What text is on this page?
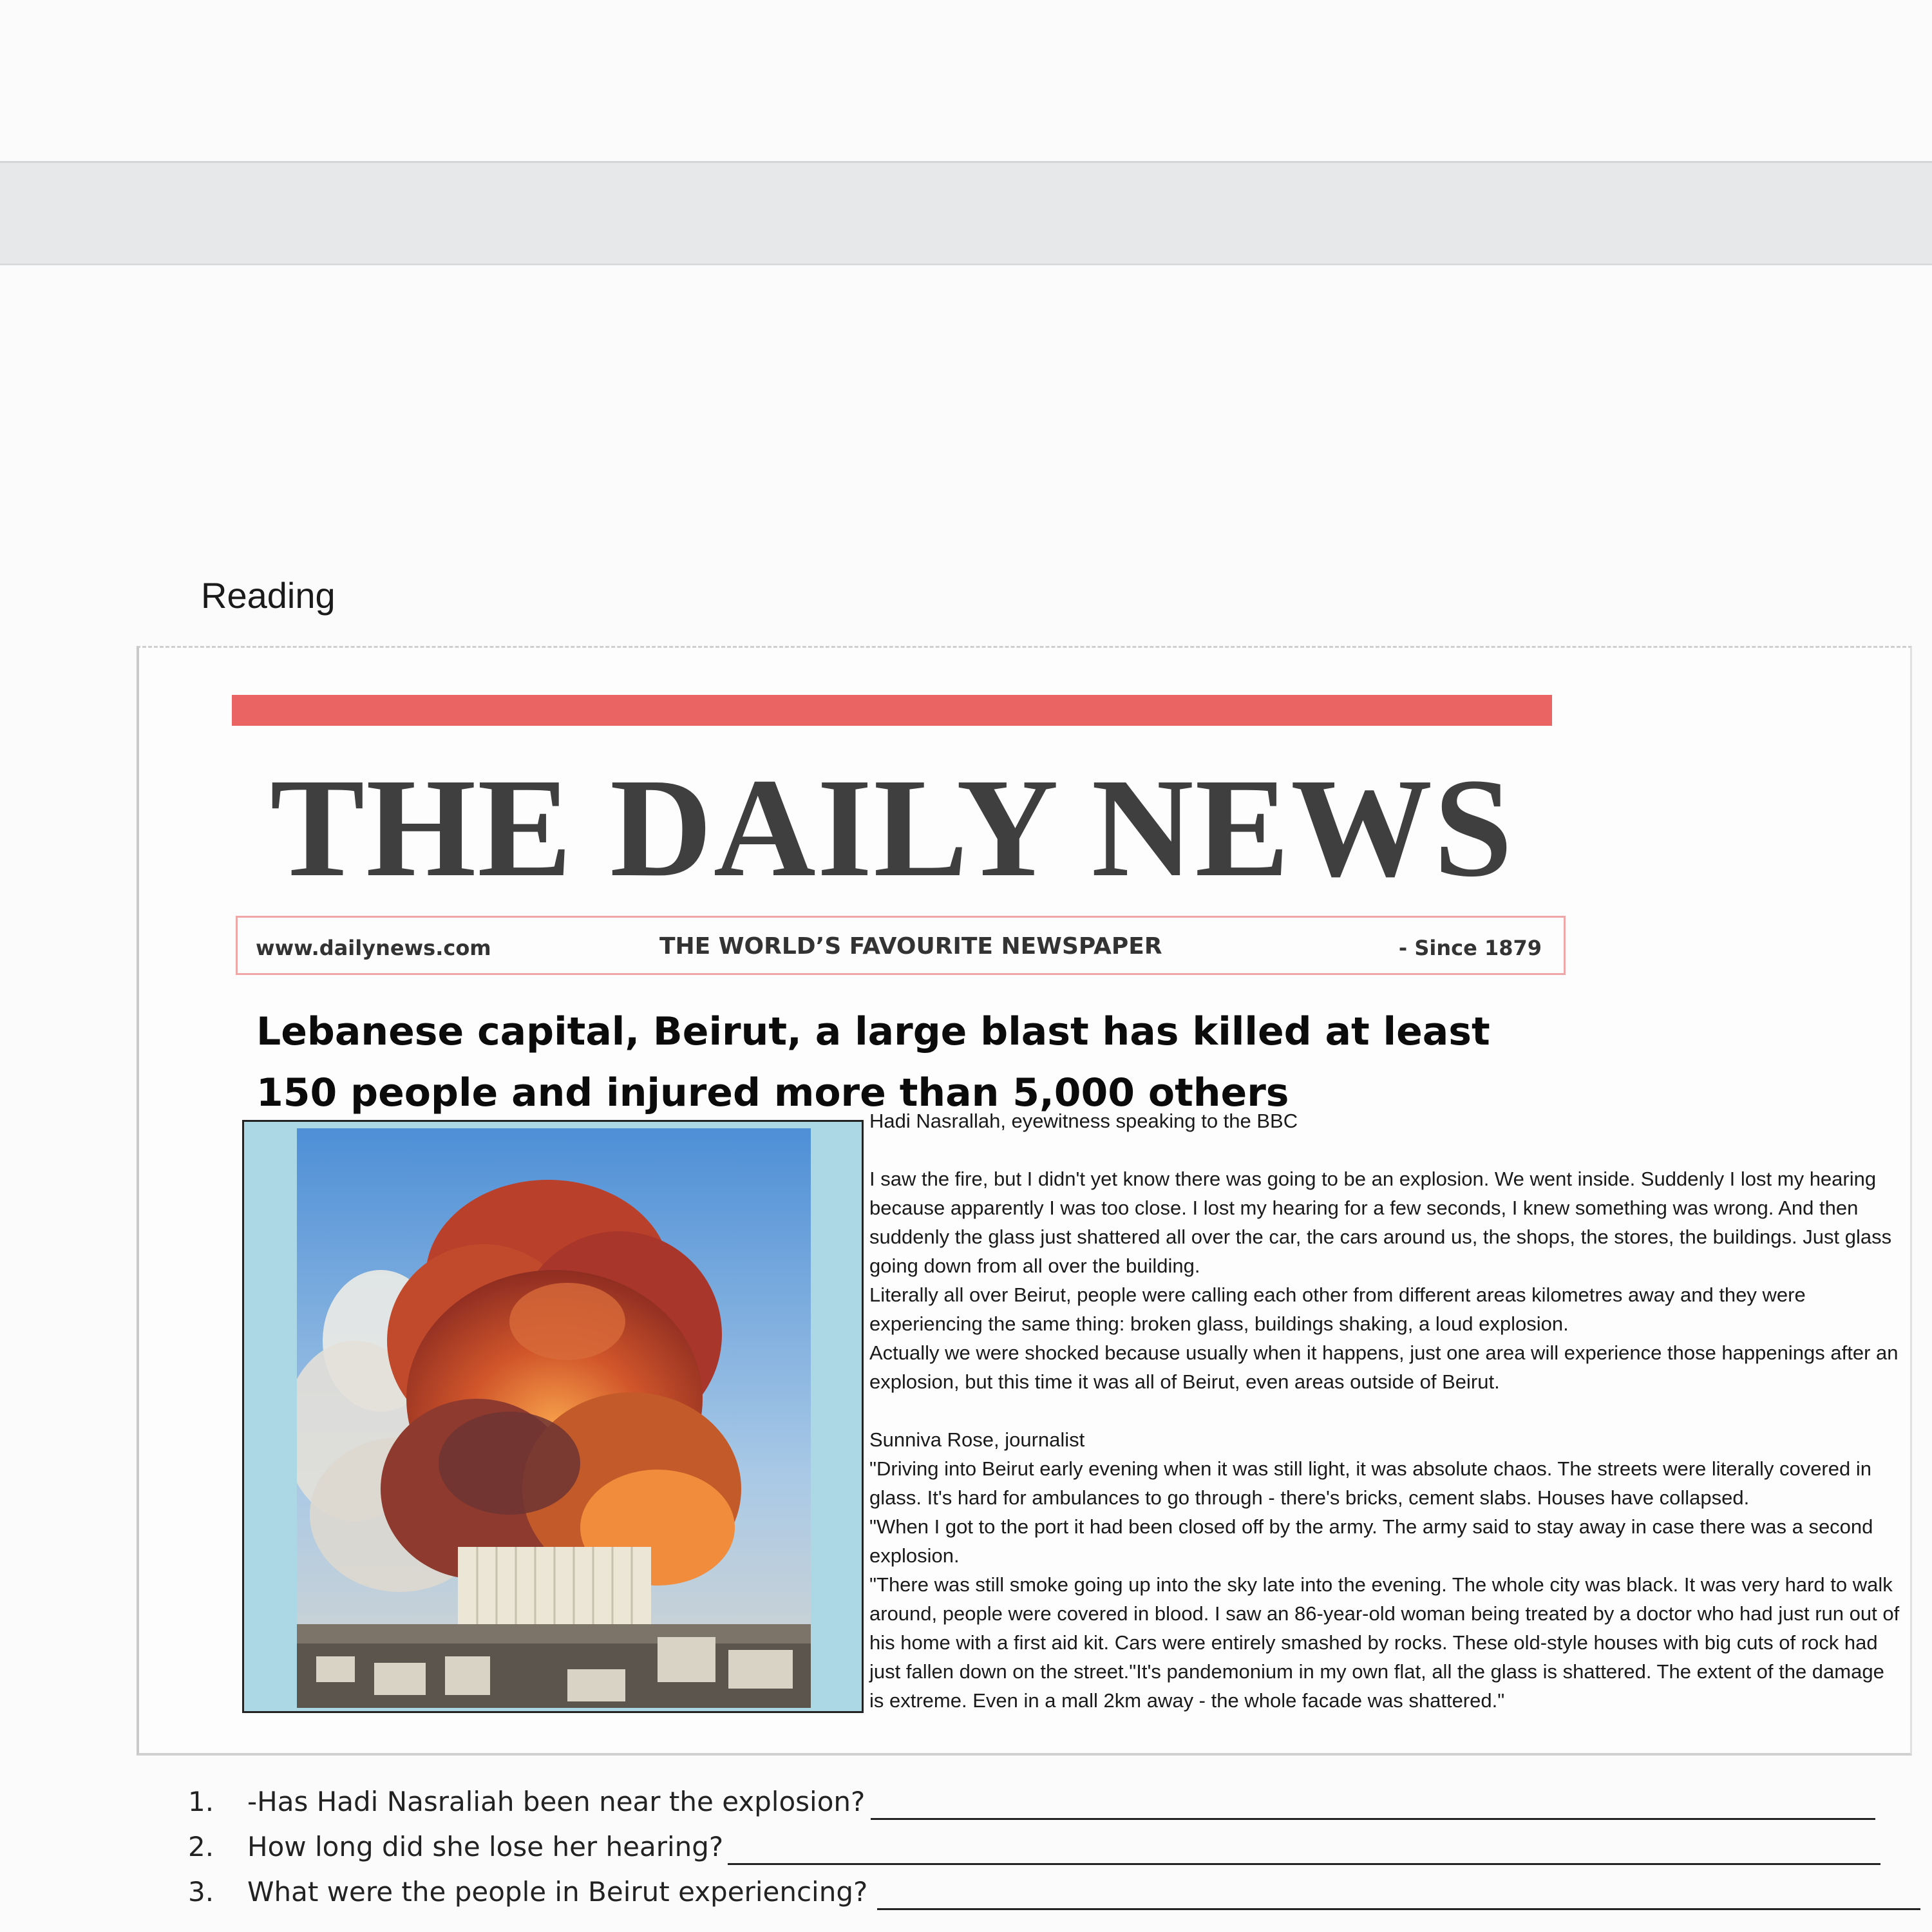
Reading
THE DAILY NEWS
www.dailynews.com	THE WORLD’S FAVOURITE NEWSPAPER	- Since 1879
Lebanese capital, Beirut, a large blast has killed at least 150 people and injured more than 5,000 others

Hadi Nasrallah, eyewitness speaking to the BBC

I saw the fire, but I didn't yet know there was going to be an explosion. We went inside. Suddenly I lost my hearing because apparently I was too close. I lost my hearing for a few seconds, I knew something was wrong. And then suddenly the glass just shattered all over the car, the cars around us, the shops, the stores, the buildings. Just glass going down from all over the building.

Literally all over Beirut, people were calling each other from different areas kilometres away and they were experiencing the same thing: broken glass, buildings shaking, a loud explosion.

Actually we were shocked because usually when it happens, just one area will experience those happenings after an explosion, but this time it was all of Beirut, even areas outside of Beirut.

Sunniva Rose, journalist

"Driving into Beirut early evening when it was still light, it was absolute chaos. The streets were literally covered in glass. It's hard for ambulances to go through - there's bricks, cement slabs. Houses have collapsed.

"When I got to the port it had been closed off by the army. The army said to stay away in case there was a second explosion.

"There was still smoke going up into the sky late into the evening. The whole city was black. It was very hard to walk around, people were covered in blood. I saw an 86-year-old woman being treated by a doctor who had just run out of his home with a first aid kit. Cars were entirely smashed by rocks. These old-style houses with big cuts of rock had just fallen down on the street."It's pandemonium in my own flat, all the glass is shattered. The extent of the damage is extreme. Even in a mall 2km away - the whole facade was shattered."

1. -Has Hadi Nasraliah been near the explosion?
2. How long did she lose her hearing?
3. What were the people in Beirut experiencing?
